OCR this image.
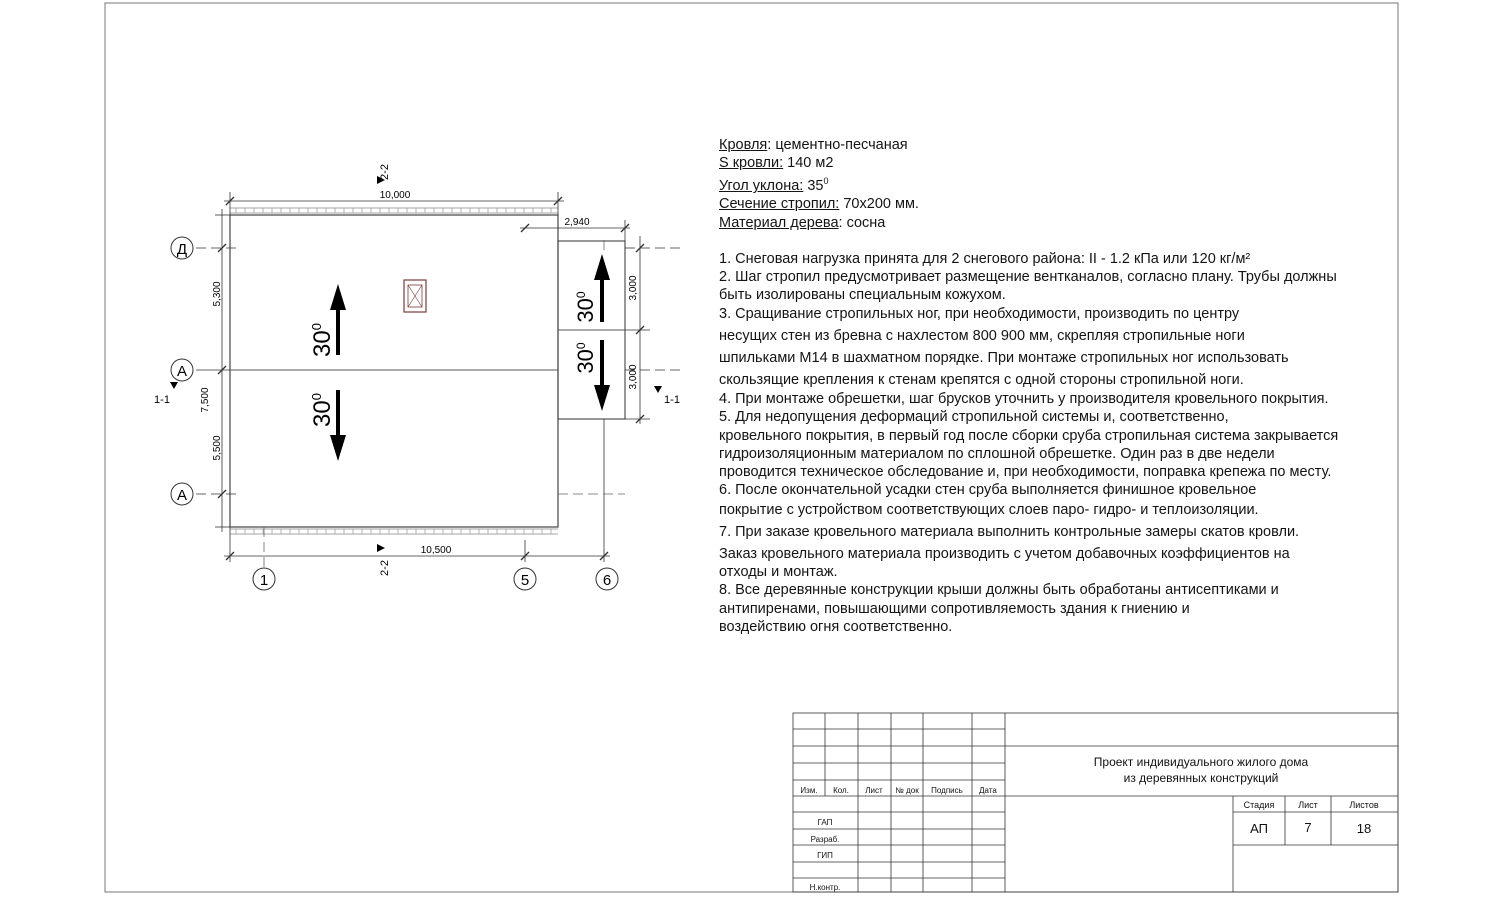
$30^0$
$30^0$
$30^0$
$30^0$
10,000
2,940
10,500
5,300
7,500
5,500
3,000
3,000
Д
А
А
1	5	6
2-2
2-2
1-1	1-1
Изм. Кол. Лист № док Подпись Дата
ГАП
Разраб.
ГИП
Н.контр.
Проект индивидуального жилого дома
из деревянных конструкций
Стадия	Лист	Листов
АП	7	18
Кровля: цементно-песчаная
S кровли: 140 м2
Угол уклона: $35^0$
Сечение стропил: 70х200 мм.
Материал дерева: сосна

1. Снеговая нагрузка принята для 2 снегового района: II - 1.2 кПа или 120 кг/м²

2. Шаг стропил предусмотривает размещение вентканалов, согласно плану. Трубы должны

быть изолированы специальным кожухом.

3. Сращивание стропильных ног, при необходимости, производить по центру

несущих стен из бревна с нахлестом 800 900 мм, скрепляя стропильные ноги

шпильками М14 в шахматном порядке. При монтаже стропильных ног использовать

скользящие крепления к стенам крепятся с одной стороны стропильной ноги.

4. При монтаже обрешетки, шаг брусков уточнить у производителя кровельного покрытия.

5. Для недопущения деформаций стропильной системы и, соответственно,

кровельного покрытия, в первый год после сборки сруба стропильная система закрывается

гидроизоляционным материалом по сплошной обрешетке. Один раз в две недели

проводится техническое обследование и, при необходимости, поправка крепежа по месту.

6. После окончательной усадки стен сруба выполняется финишное кровельное

покрытие с устройством соответствующих слоев паро- гидро- и теплоизоляции.

7. При заказе кровельного материала выполнить контрольные замеры скатов кровли.

Заказ кровельного материала производить с учетом добавочных коэффициентов на

отходы и монтаж.

8. Все деревянные конструкции крыши должны быть обработаны антисептиками и

антипиренами, повышающими сопротивляемость здания к гниению и

воздействию огня соответственно.
